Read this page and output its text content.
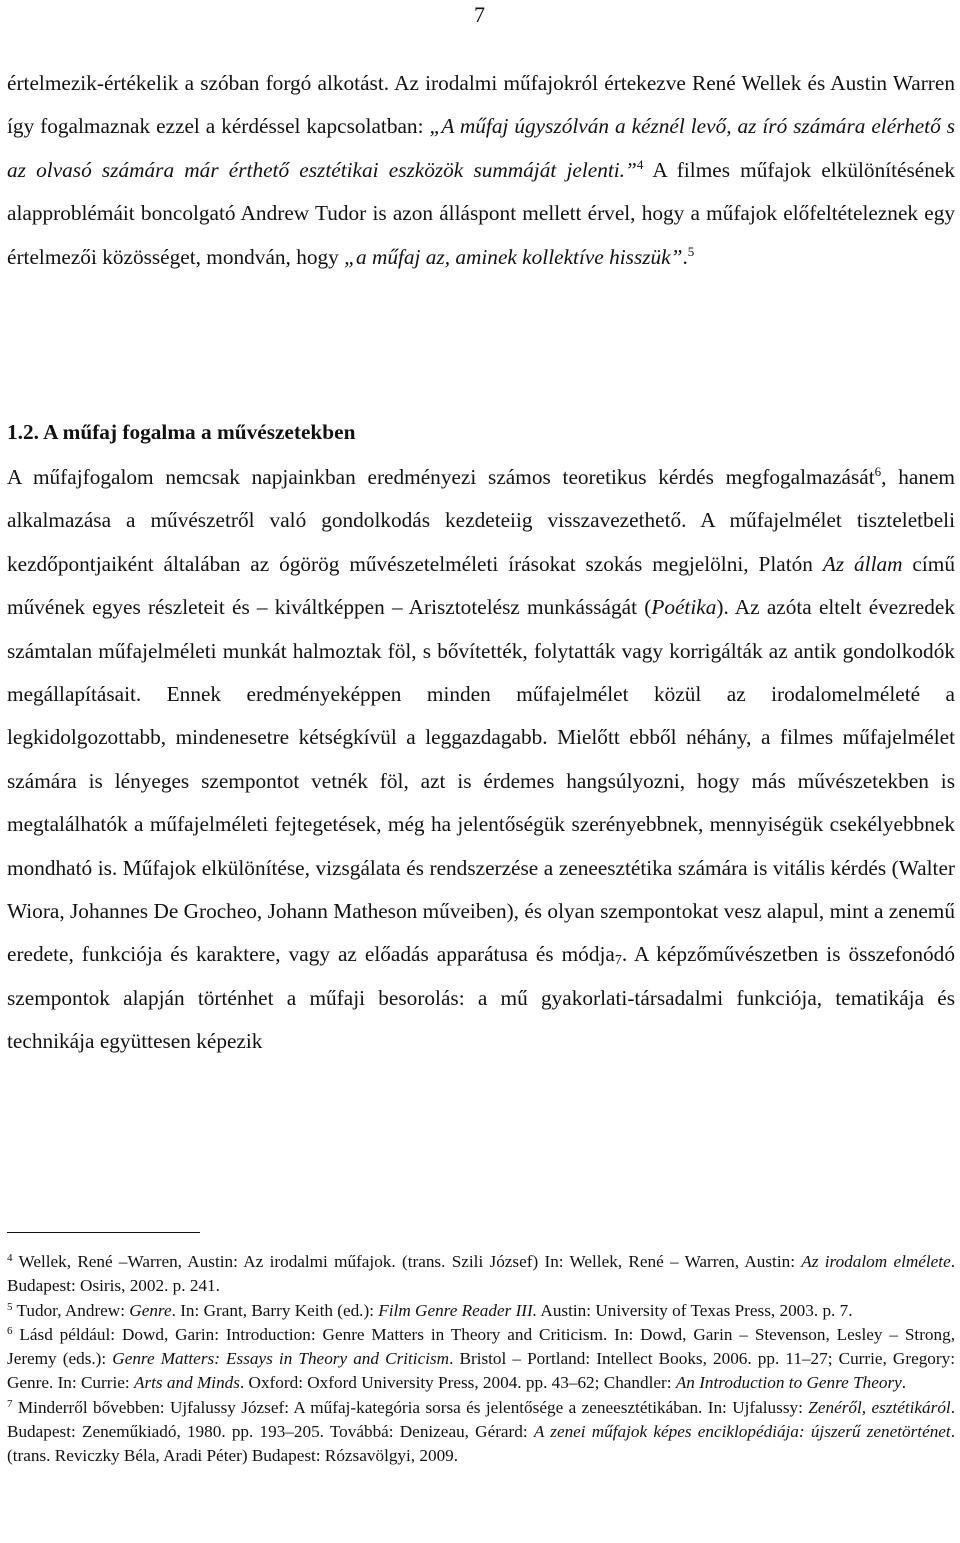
7
értelmezik-értékelik a szóban forgó alkotást. Az irodalmi műfajokról értekezve René Wellek és Austin Warren így fogalmaznak ezzel a kérdéssel kapcsolatban: „A műfaj úgyszólván a kéznél levő, az író számára elérhető s az olvasó számára már érthető esztétikai eszközök summáját jelenti.”$^4$ A filmes műfajok elkülönítésének alapproblémáit boncolgató Andrew Tudor is azon álláspont mellett érvel, hogy a műfajok előfeltételeznek egy értelmezői közösséget, mondván, hogy „a műfaj az, aminek kollektíve hisszük”.$^5$
1.2. A műfaj fogalma a művészetekben
A műfajfogalom nemcsak napjainkban eredményezi számos teoretikus kérdés megfogalmazását$^6$, hanem alkalmazása a művészetről való gondolkodás kezdeteiig visszavezethető. A műfajelmélet tiszteletbeli kezdőpontjaiként általában az ógörög művészetelméleti írásokat szokás megjelölni, Platón Az állam című művének egyes részleteit és – kiváltképpen – Arisztotelész munkásságát (Poétika). Az azóta eltelt évezredek számtalan műfajelméleti munkát halmoztak föl, s bővítették, folytatták vagy korrigálták az antik gondolkodók megállapításait. Ennek eredményeképpen minden műfajelmélet közül az irodalomelméleté a legkidolgozottabb, mindenesetre kétségkívül a leggazdagabb. Mielőtt ebből néhány, a filmes műfajelmélet számára is lényeges szempontot vetnék föl, azt is érdemes hangsúlyozni, hogy más művészetekben is megtalálhatók a műfajelméleti fejtegetések, még ha jelentőségük szerényebbnek, mennyiségük csekélyebbnek mondható is. Műfajok elkülönítése, vizsgálata és rendszerzése a zeneesztétika számára is vitális kérdés (Walter Wiora, Johannes De Grocheo, Johann Matheson műveiben), és olyan szempontokat vesz alapul, mint a zenemű eredete, funkciója és karaktere, vagy az előadás apparátusa és módja$_7$. A képzőművészetben is összefonódó szempontok alapján történhet a műfaji besorolás: a mű gyakorlati-társadalmi funkciója, tematikája és technikája együttesen képezik

$^4$ Wellek, René –Warren, Austin: Az irodalmi műfajok. (trans. Szili József) In: Wellek, René – Warren, Austin: Az irodalom elmélete. Budapest: Osiris, 2002. p. 241.

$^5$ Tudor, Andrew: Genre. In: Grant, Barry Keith (ed.): Film Genre Reader III. Austin: University of Texas Press, 2003. p. 7.

$^6$ Lásd például: Dowd, Garin: Introduction: Genre Matters in Theory and Criticism. In: Dowd, Garin – Stevenson, Lesley – Strong, Jeremy (eds.): Genre Matters: Essays in Theory and Criticism. Bristol – Portland: Intellect Books, 2006. pp. 11–27; Currie, Gregory: Genre. In: Currie: Arts and Minds. Oxford: Oxford University Press, 2004. pp. 43–62; Chandler: An Introduction to Genre Theory.

$^7$ Minderről bővebben: Ujfalussy József: A műfaj-kategória sorsa és jelentősége a zeneesztétikában. In: Ujfalussy: Zenéről, esztétikáról. Budapest: Zeneműkiadó, 1980. pp. 193–205. Továbbá: Denizeau, Gérard: A zenei műfajok képes enciklopédiája: újszerű zenetörténet. (trans. Reviczky Béla, Aradi Péter) Budapest: Rózsavölgyi, 2009.
